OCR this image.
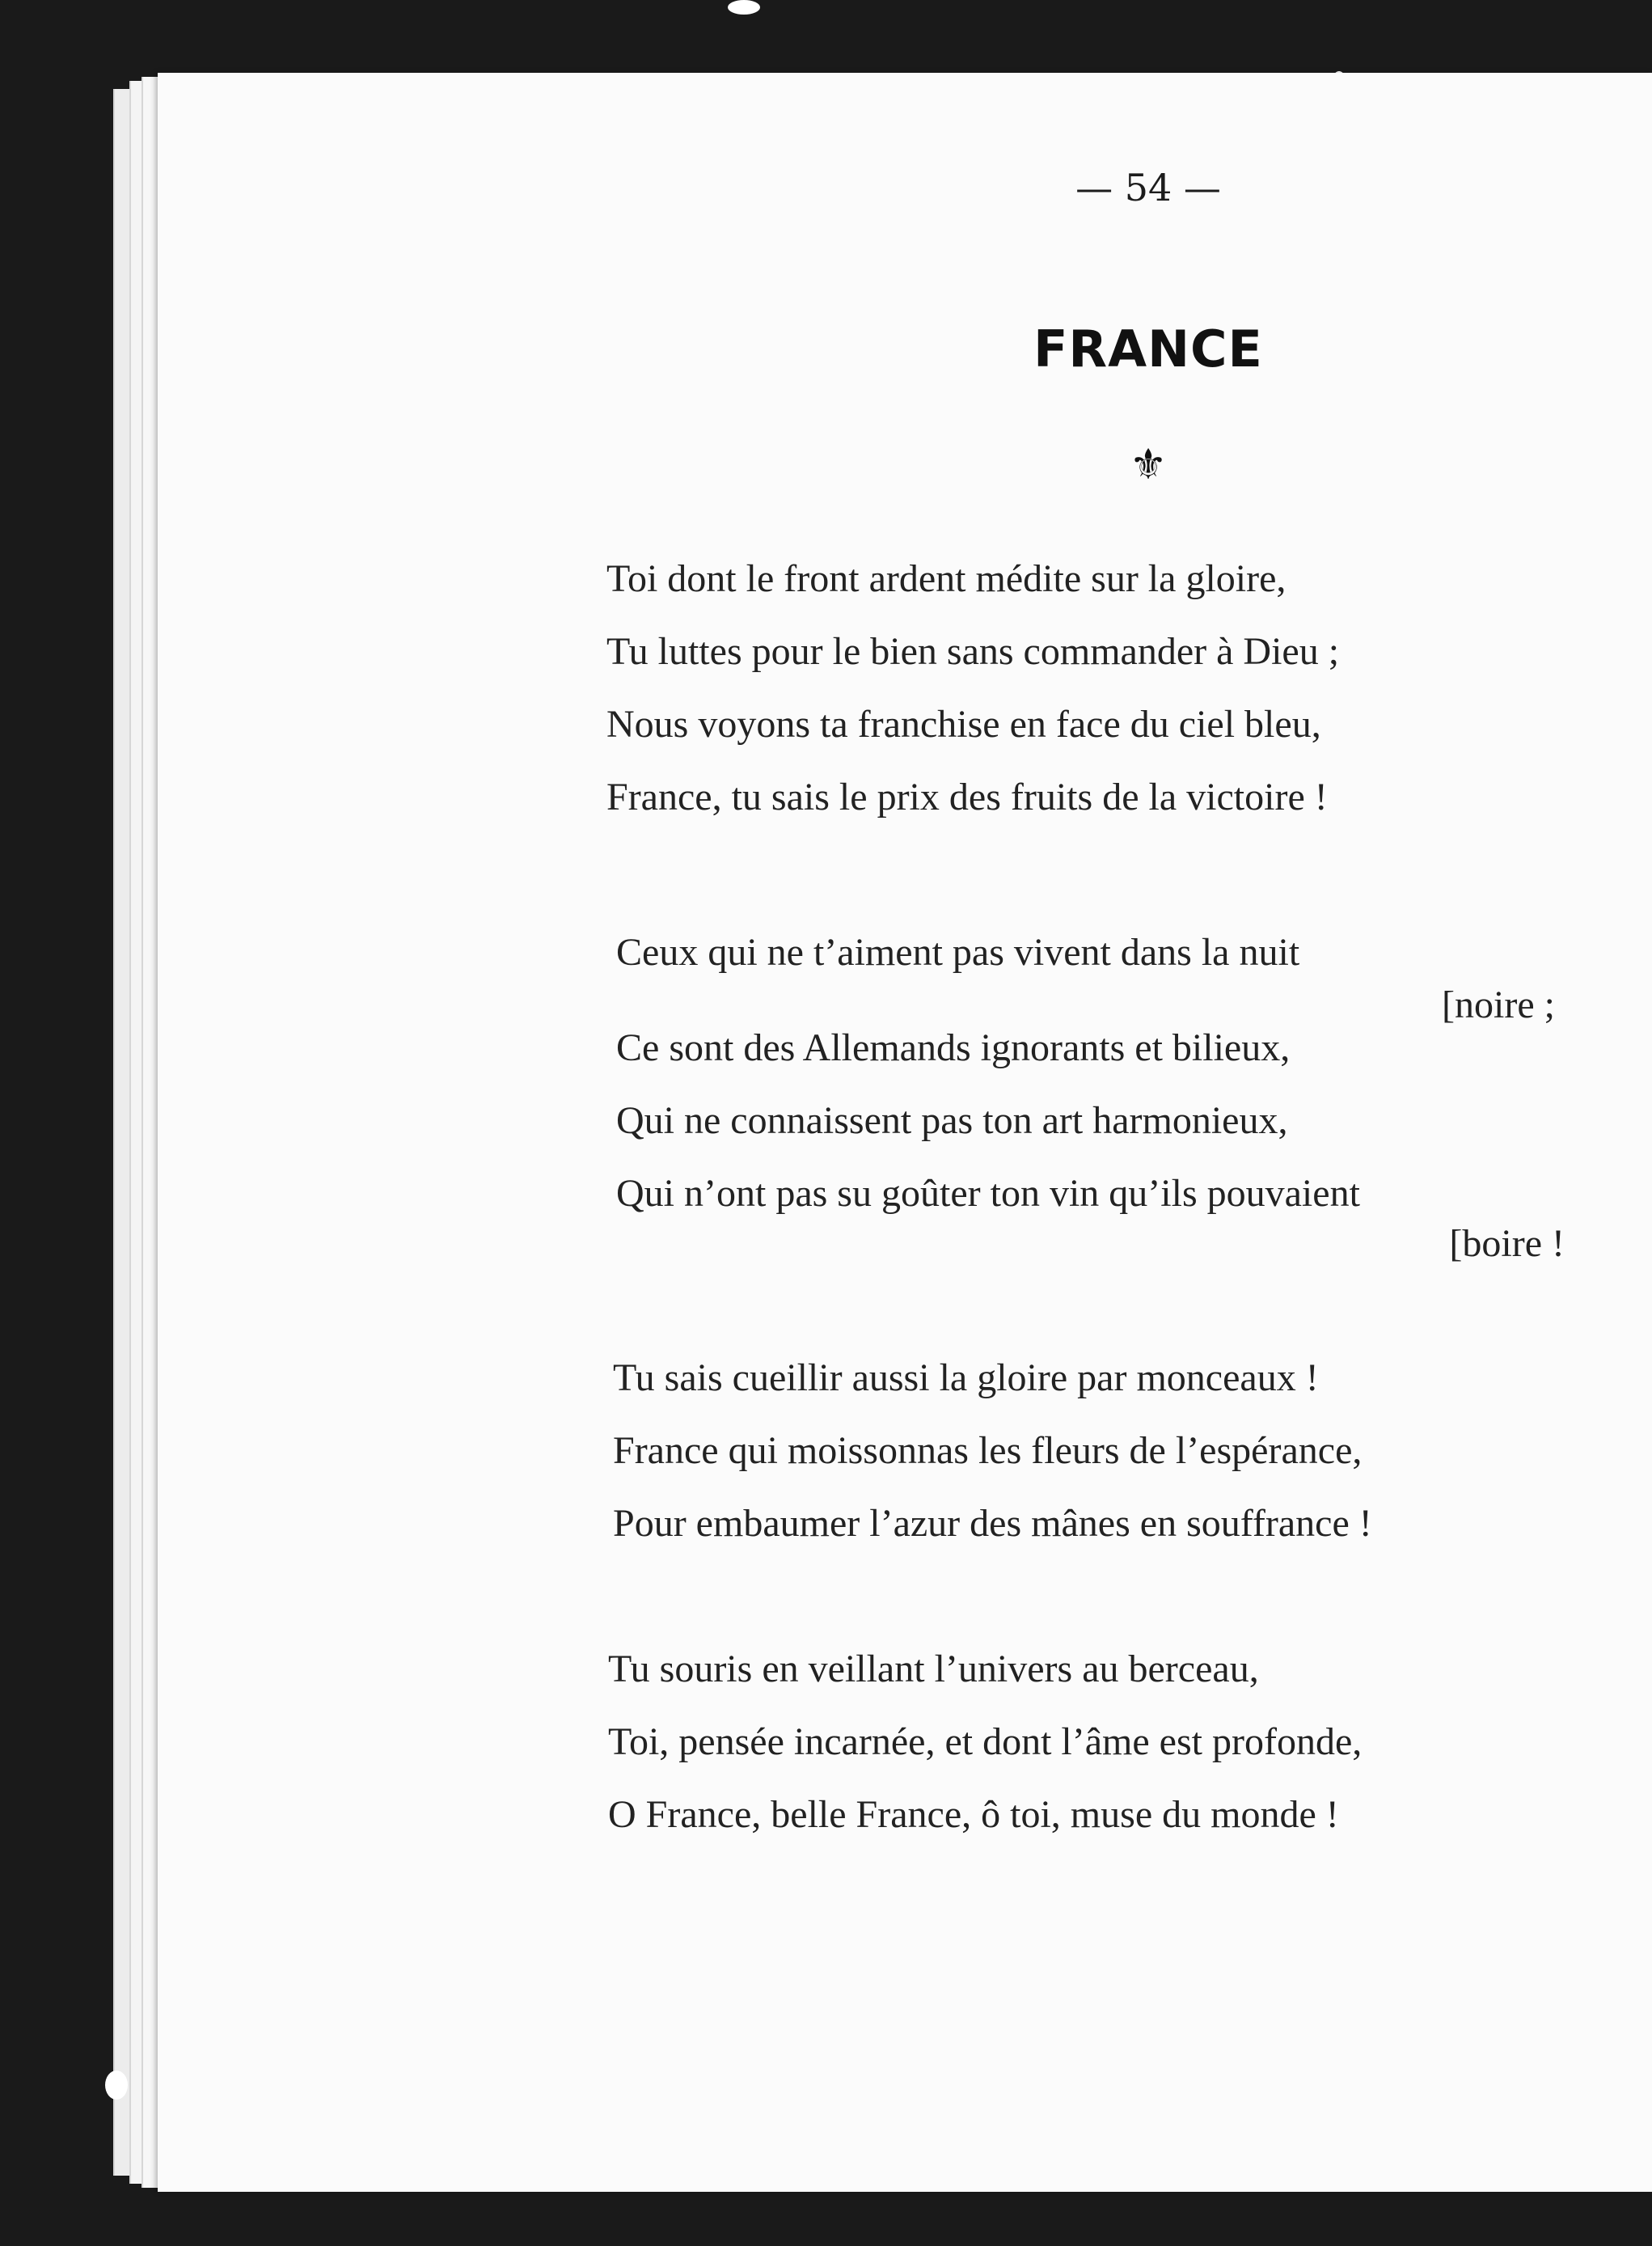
— 54 —
FRANCE
⚜
Toi dont le front ardent médite sur la gloire,
Tu luttes pour le bien sans commander à Dieu ;
Nous voyons ta franchise en face du ciel bleu,
France, tu sais le prix des fruits de la victoire !
Ceux qui ne t’aiment pas vivent dans la nuit
[noire ;
Ce sont des Allemands ignorants et bilieux,
Qui ne connaissent pas ton art harmonieux,
Qui n’ont pas su goûter ton vin qu’ils pouvaient
[boire !
Tu sais cueillir aussi la gloire par monceaux !
France qui moissonnas les fleurs de l’espérance,
Pour embaumer l’azur des mânes en souffrance !
Tu souris en veillant l’univers au berceau,
Toi, pensée incarnée, et dont l’âme est profonde,
O France, belle France, ô toi, muse du monde !
